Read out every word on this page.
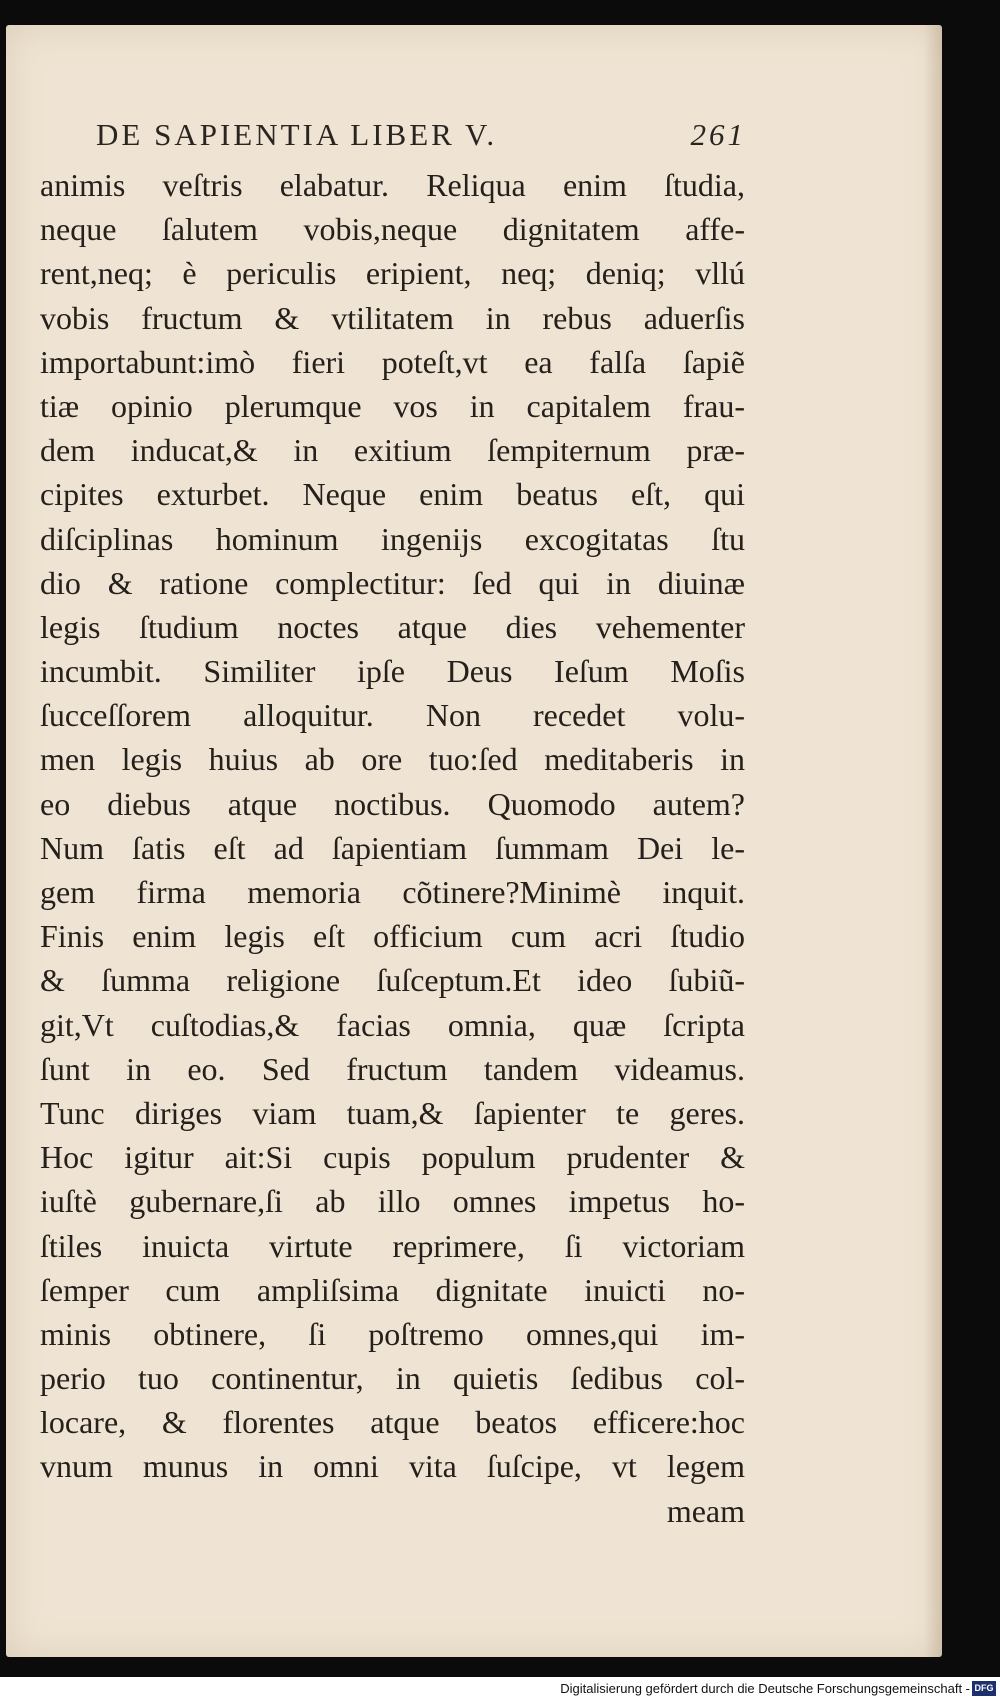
DE SAPIENTIA LIBER V.	261
animis veſtris elabatur. Reliqua enim ſtudia,
neque ſalutem vobis,neque dignitatem affe-
rent,neq; è periculis eripient, neq; deniq; vllú
vobis fructum & vtilitatem in rebus aduerſis
importabunt:imò fieri poteſt,vt ea falſa ſapiẽ
tiæ opinio plerumque vos in capitalem frau-
dem inducat,& in exitium ſempiternum præ-
cipites exturbet. Neque enim beatus eſt, qui
diſciplinas hominum ingenijs excogitatas ſtu
dio & ratione complectitur: ſed qui in diuinæ
legis ſtudium noctes atque dies vehementer
incumbit. Similiter ipſe Deus Ieſum Moſis
ſucceſſorem alloquitur. Non recedet volu-
men legis huius ab ore tuo:ſed meditaberis in
eo diebus atque noctibus. Quomodo autem?
Num ſatis eſt ad ſapientiam ſummam Dei le-
gem firma memoria cõtinere?Minimè inquit.
Finis enim legis eſt officium cum acri ſtudio
& ſumma religione ſuſceptum.Et ideo ſubiũ-
git,Vt cuſtodias,& facias omnia, quæ ſcripta
ſunt in eo. Sed fructum tandem videamus.
Tunc diriges viam tuam,& ſapienter te geres.
Hoc igitur ait:Si cupis populum prudenter &
iuſtè gubernare,ſi ab illo omnes impetus ho-
ſtiles inuicta virtute reprimere, ſi victoriam
ſemper cum ampliſsima dignitate inuicti no-
minis obtinere, ſi poſtremo omnes,qui im-
perio tuo continentur, in quietis ſedibus col-
locare, & florentes atque beatos efficere:hoc
vnum munus in omni vita ſuſcipe, vt legem
meam
Digitalisierung gefördert durch die Deutsche Forschungsgemeinschaft - DFG
